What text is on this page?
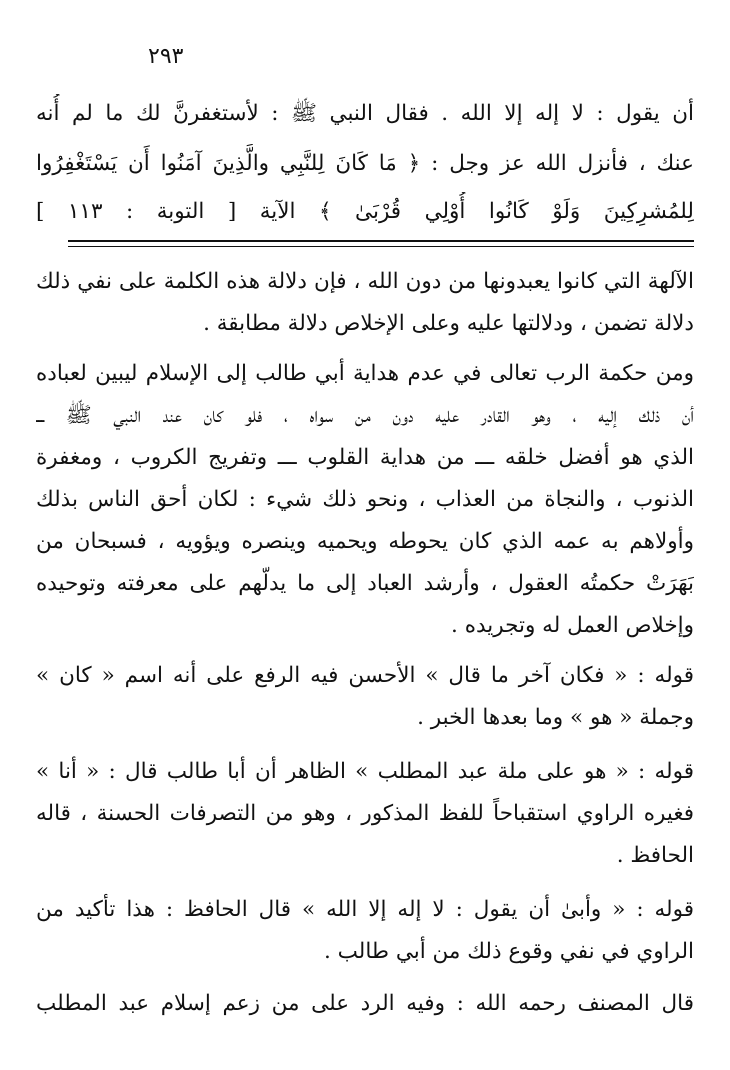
٢٩٣
أن يقول : لا إله إلا الله . فقال النبي ﷺ : لأستغفرنَّ لك ما لم أُنه
عنك ، فأنزل الله عز وجل : ﴿ مَا كَانَ لِلنَّبِي والَّذِينَ آمَنُوا أَن يَسْتَغْفِرُوا
لِلمُشرِكِينَ وَلَوْ كَانُوا أُوْلِي قُرْبَىٰ ﴾ الآية [ التوبة : ١١٣ ]
الآلهة التي كانوا يعبدونها من دون الله ، فإن دلالة هذه الكلمة على نفي ذلك
دلالة تضمن ، ودلالتها عليه وعلى الإخلاص دلالة مطابقة .
ومن حكمة الرب تعالى في عدم هداية أبي طالب إلى الإسلام ليبين لعباده
أن ذلك إليه ، وهو القادر عليه دون من سواه ، فلو كان عند النبي ﷺ ـــ
الذي هو أفضل خلقه ـــ من هداية القلوب ـــ وتفريج الكروب ، ومغفرة
الذنوب ، والنجاة من العذاب ، ونحو ذلك شيء : لكان أحق الناس بذلك
وأولاهم به عمه الذي كان يحوطه ويحميه وينصره ويؤويه ، فسبحان من
بَهَرَتْ حكمتُه العقول ، وأرشد العباد إلى ما يدلّهم على معرفته وتوحيده
وإخلاص العمل له وتجريده .
قوله : « فكان آخر ما قال » الأحسن فيه الرفع على أنه اسم « كان »
وجملة « هو » وما بعدها الخبر .
قوله : « هو على ملة عبد المطلب » الظاهر أن أبا طالب قال : « أنا »
فغيره الراوي استقباحاً للفظ المذكور ، وهو من التصرفات الحسنة ، قاله
الحافظ .
قوله : « وأبىٰ أن يقول : لا إله إلا الله » قال الحافظ : هذا تأكيد من
الراوي في نفي وقوع ذلك من أبي طالب .
قال المصنف رحمه الله : وفيه الرد على من زعم إسلام عبد المطلب
